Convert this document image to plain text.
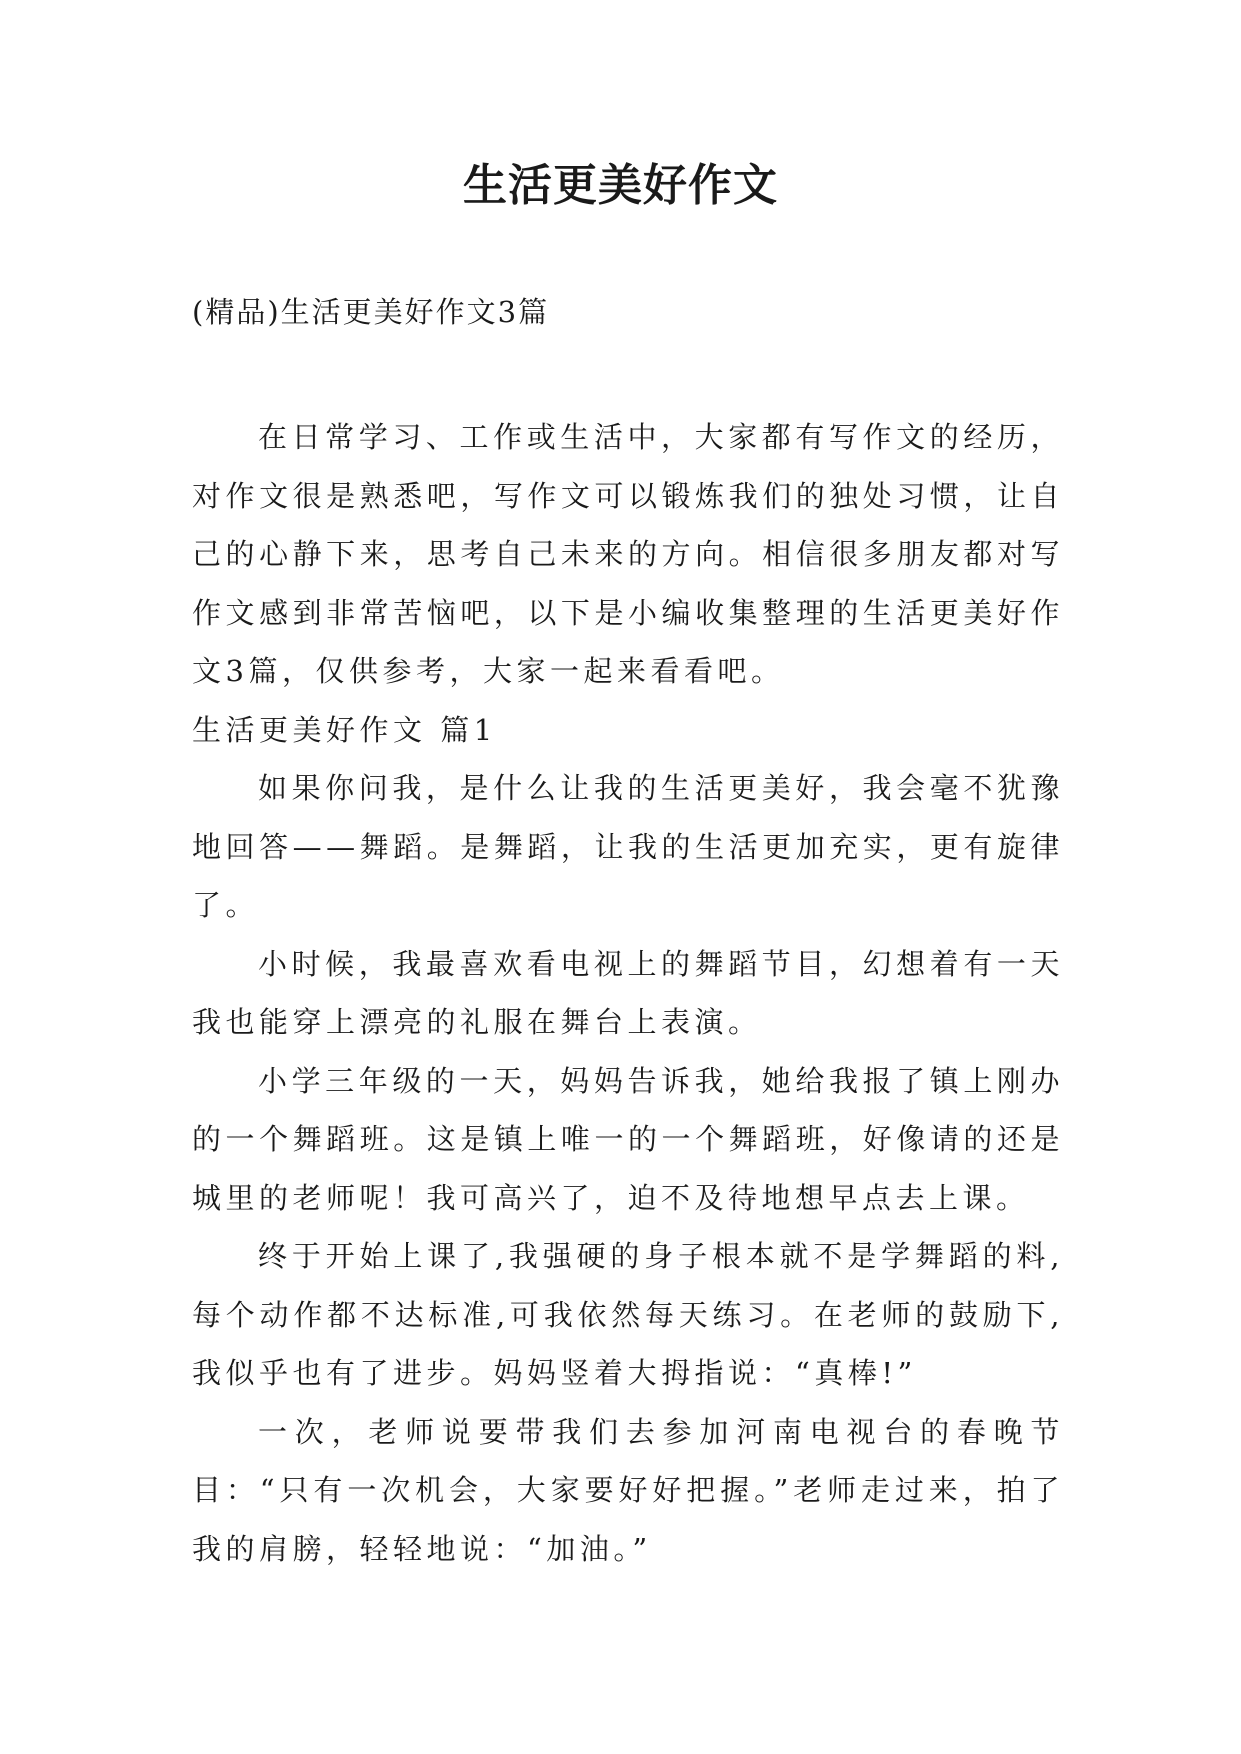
生活更美好作文

(精品)生活更美好作文3篇

在日常学习、工作或生活中，大家都有写作文的经历，对作文很是熟悉吧，写作文可以锻炼我们的独处习惯，让自己的心静下来，思考自己未来的方向。相信很多朋友都对写作文感到非常苦恼吧，以下是小编收集整理的生活更美好作文3篇，仅供参考，大家一起来看看吧。

生活更美好作文 篇1

如果你问我，是什么让我的生活更美好，我会毫不犹豫地回答——舞蹈。是舞蹈，让我的生活更加充实，更有旋律了。

小时候，我最喜欢看电视上的舞蹈节目，幻想着有一天我也能穿上漂亮的礼服在舞台上表演。

小学三年级的一天，妈妈告诉我，她给我报了镇上刚办的一个舞蹈班。这是镇上唯一的一个舞蹈班，好像请的还是城里的老师呢！我可高兴了，迫不及待地想早点去上课。

终于开始上课了,我强硬的身子根本就不是学舞蹈的料,每个动作都不达标准,可我依然每天练习。在老师的鼓励下,我似乎也有了进步。妈妈竖着大拇指说：“真棒!”

一次，老师说要带我们去参加河南电视台的春晚节目：“只有一次机会，大家要好好把握。”老师走过来，拍了我的肩膀，轻轻地说：“加油。”
